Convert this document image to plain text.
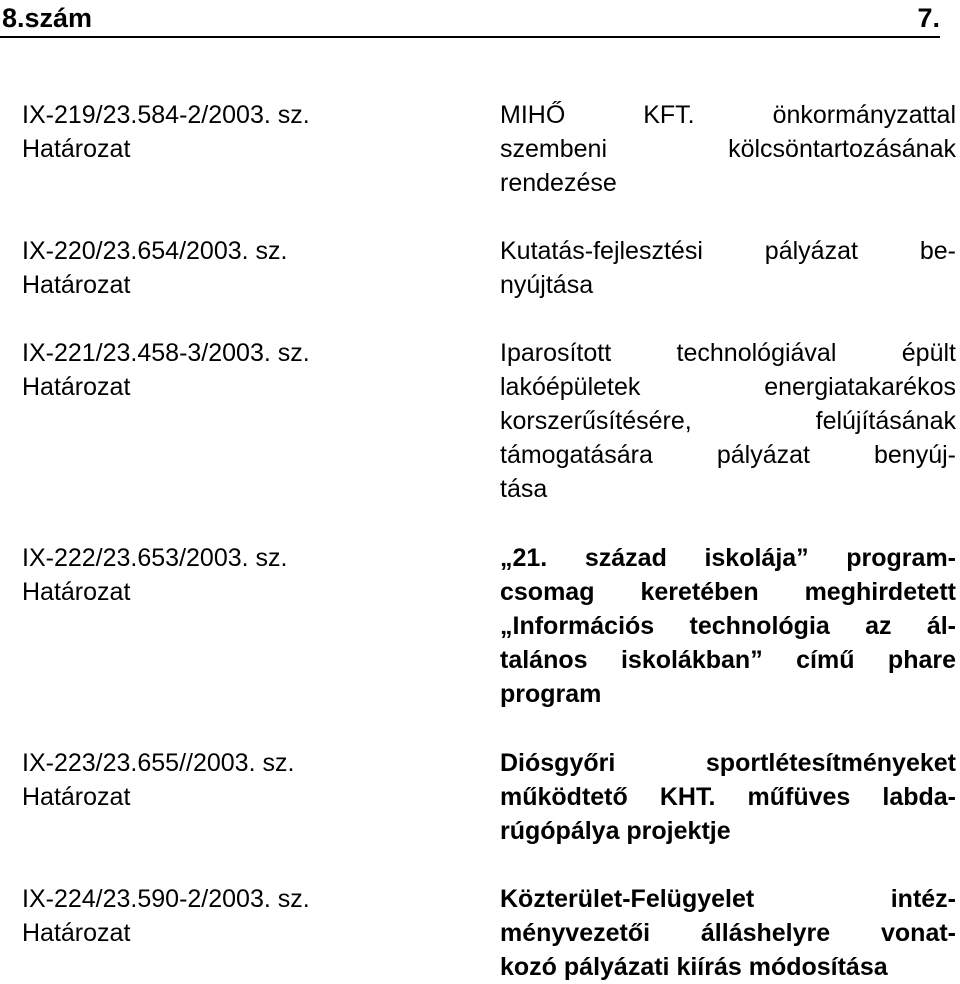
8.szám	7.
IX-219/23.584-2/2003. sz.
Határozat
MIHŐ KFT. önkormányzattal
szembeni kölcsöntartozásának
rendezése
IX-220/23.654/2003. sz.
Határozat
Kutatás-fejlesztési pályázat be-
nyújtása
IX-221/23.458-3/2003. sz.
Határozat
Iparosított technológiával épült
lakóépületek energiatakarékos
korszerűsítésére, felújításának
támogatására pályázat benyúj-
tása
IX-222/23.653/2003. sz.
Határozat
„21. század iskolája” program-
csomag keretében meghirdetett
„Információs technológia az ál-
talános iskolákban” című phare
program
IX-223/23.655//2003. sz.
Határozat
Diósgyőri sportlétesítményeket
működtető KHT. műfüves labda-
rúgópálya projektje
IX-224/23.590-2/2003. sz.
Határozat
Közterület-Felügyelet intéz-
ményvezetői álláshelyre vonat-
kozó pályázati kiírás módosítása
